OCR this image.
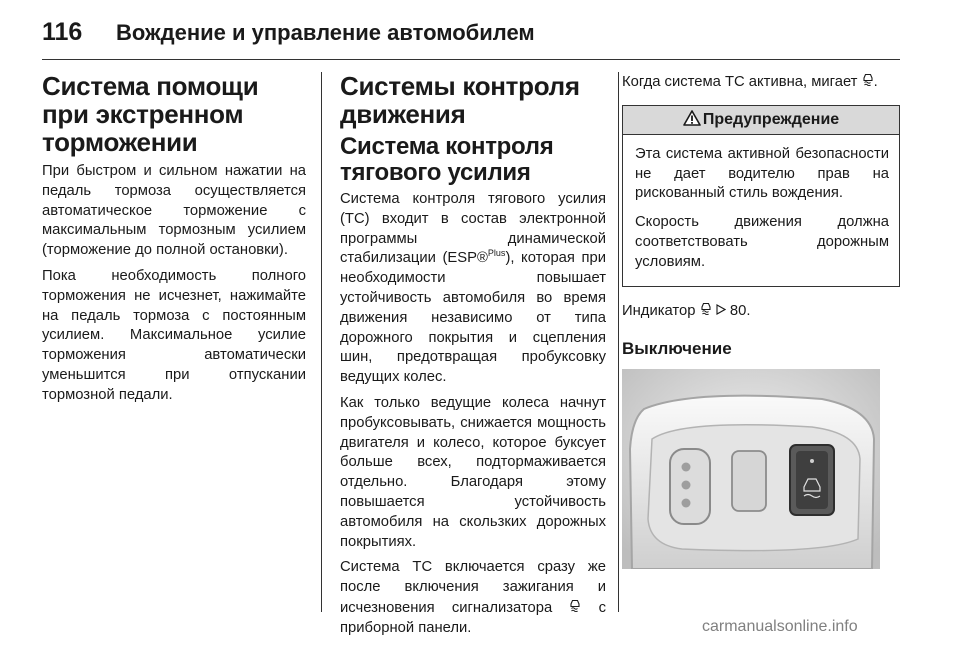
116 Вождение и управление автомобилем
Система помощи при экстренном торможении

При быстром и сильном нажатии на педаль тормоза осуществляется автоматическое торможение с максимальным тормозным усилием (торможение до полной остановки).

Пока необходимость полного торможения не исчезнет, нажимайте на педаль тормоза с постоянным усилием. Максимальное усилие торможения автоматически уменьшится при отпускании тормозной педали.

Системы контроля движения
Система контроля тягового усилия

Система контроля тягового усилия (TC) входит в состав электронной программы динамической стабилизации (ESP®$^{Plus}$), которая при необходимости повышает устойчивость автомобиля во время движения независимо от типа дорожного покрытия и сцепления шин, предотвращая пробуксовку ведущих колес.

Как только ведущие колеса начнут пробуксовывать, снижается мощность двигателя и колесо, которое буксует больше всех, подтормаживается отдельно. Благодаря этому повышается устойчивость автомобиля на скользких дорожных покрытиях.

Система TC включается сразу же после включения зажигания и исчезновения сигнализатора  с приборной панели.

Когда система TC активна, мигает .

Предупреждение

Эта система активной безопасности не дает водителю прав на рискованный стиль вождения.

Скорость движения должна соответствовать дорожным условиям.

Индикатор   80.

Выключение
carmanualsonline.info
